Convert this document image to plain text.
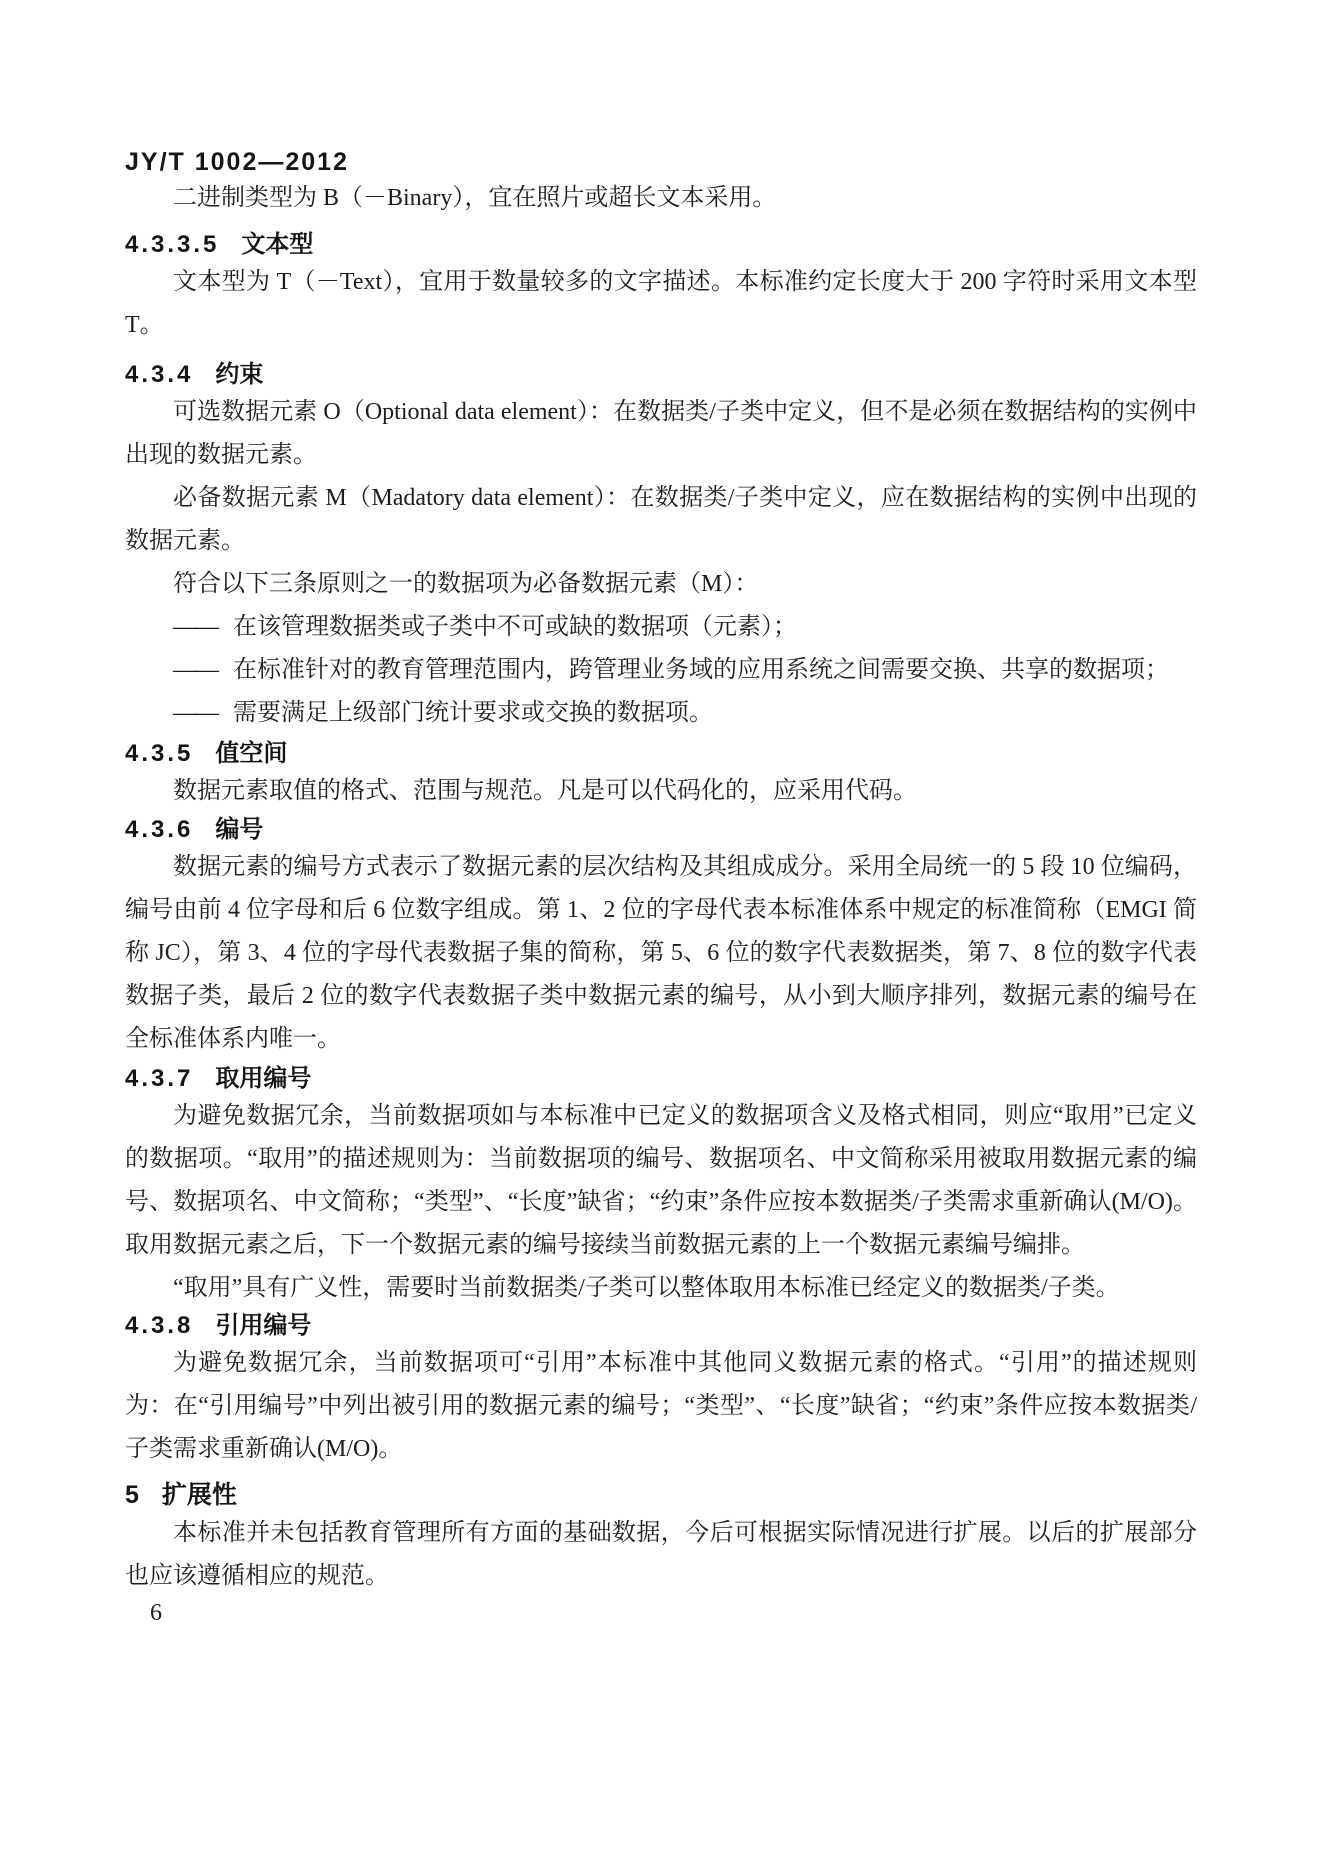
JY/T 1002—2012

二进制类型为 B（－Binary），宜在照片或超长文本采用。

4.3.3.5 文本型

文本型为 T（－Text），宜用于数量较多的文字描述。本标准约定长度大于 200 字符时采用文本型 T。

4.3.4 约束

可选数据元素 O（Optional data element）：在数据类/子类中定义，但不是必须在数据结构的实例中出现的数据元素。

必备数据元素 M（Madatory data element）：在数据类/子类中定义，应在数据结构的实例中出现的数据元素。

符合以下三条原则之一的数据项为必备数据元素（M）：

—— 在该管理数据类或子类中不可或缺的数据项（元素）；

—— 在标准针对的教育管理范围内，跨管理业务域的应用系统之间需要交换、共享的数据项；

—— 需要满足上级部门统计要求或交换的数据项。

4.3.5 值空间

数据元素取值的格式、范围与规范。凡是可以代码化的，应采用代码。

4.3.6 编号

数据元素的编号方式表示了数据元素的层次结构及其组成成分。采用全局统一的 5 段 10 位编码，编号由前 4 位字母和后 6 位数字组成。第 1、2 位的字母代表本标准体系中规定的标准简称（EMGI 简称 JC），第 3、4 位的字母代表数据子集的简称，第 5、6 位的数字代表数据类，第 7、8 位的数字代表数据子类，最后 2 位的数字代表数据子类中数据元素的编号，从小到大顺序排列，数据元素的编号在全标准体系内唯一。

4.3.7 取用编号

为避免数据冗余，当前数据项如与本标准中已定义的数据项含义及格式相同，则应“取用”已定义的数据项。“取用”的描述规则为：当前数据项的编号、数据项名、中文简称采用被取用数据元素的编号、数据项名、中文简称；“类型”、“长度”缺省；“约束”条件应按本数据类/子类需求重新确认(M/O)。取用数据元素之后，下一个数据元素的编号接续当前数据元素的上一个数据元素编号编排。

“取用”具有广义性，需要时当前数据类/子类可以整体取用本标准已经定义的数据类/子类。

4.3.8 引用编号

为避免数据冗余，当前数据项可“引用”本标准中其他同义数据元素的格式。“引用”的描述规则为：在“引用编号”中列出被引用的数据元素的编号；“类型”、“长度”缺省；“约束”条件应按本数据类/子类需求重新确认(M/O)。

5 扩展性

本标准并未包括教育管理所有方面的基础数据，今后可根据实际情况进行扩展。以后的扩展部分也应该遵循相应的规范。

6
